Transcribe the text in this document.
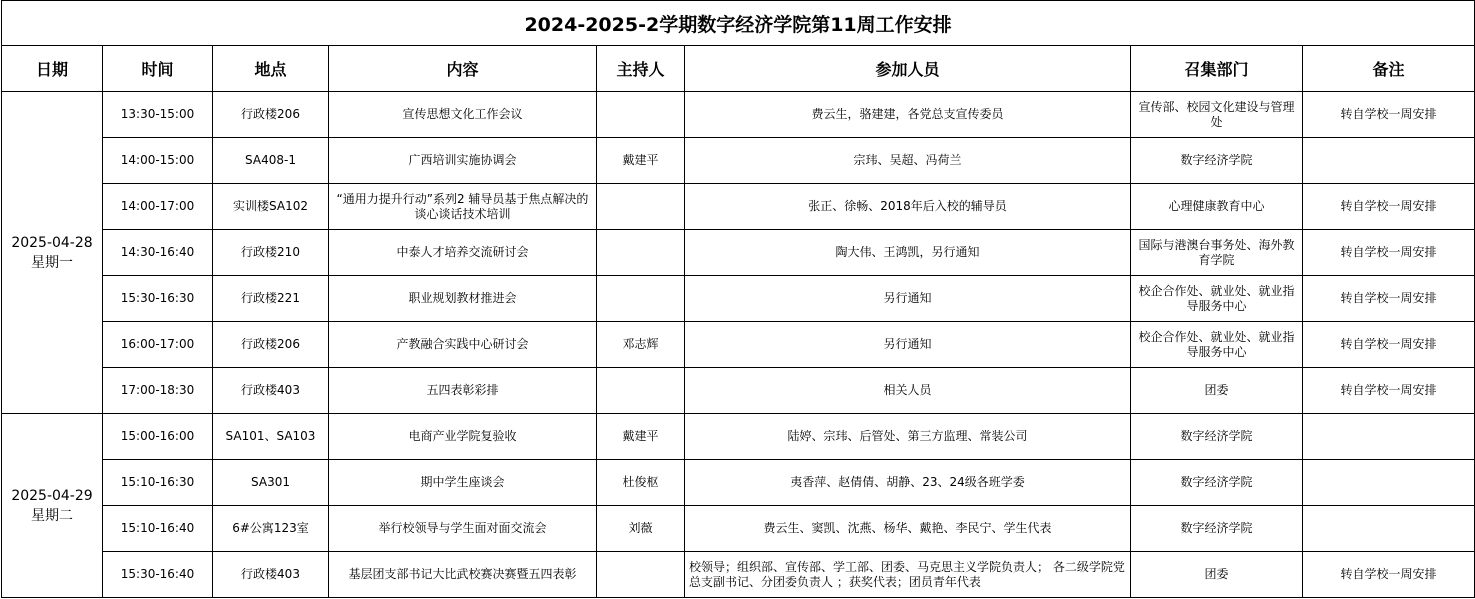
2024-2025-2学期数字经济学院第11周工作安排							
日期	时间	地点	内容	主持人	参加人员	召集部门	备注

2025-04-28
星期一	13:30-15:00	行政楼206	宣传思想文化工作会议		费云生，骆建建，各党总支宣传委员	宣传部、校园文化建设与管理处	转自学校一周安排
	14:00-15:00	SA408-1	广西培训实施协调会	戴建平	宗玮、吴超、冯荷兰	数字经济学院	
	14:00-17:00	实训楼SA102	“通用力提升行动”系列2 辅导员基于焦点解决的谈心谈话技术培训		张正、徐畅、2018年后入校的辅导员	心理健康教育中心	转自学校一周安排
	14:30-16:40	行政楼210	中泰人才培养交流研讨会		陶大伟、王鸿凯，另行通知	国际与港澳台事务处、海外教育学院	转自学校一周安排
	15:30-16:30	行政楼221	职业规划教材推进会		另行通知	校企合作处、就业处、就业指导服务中心	转自学校一周安排
	16:00-17:00	行政楼206	产教融合实践中心研讨会	邓志辉	另行通知	校企合作处、就业处、就业指导服务中心	转自学校一周安排
	17:00-18:30	行政楼403	五四表彰彩排		相关人员	团委	转自学校一周安排

2025-04-29
星期二	15:00-16:00	SA101、SA103	电商产业学院复验收	戴建平	陆婷、宗玮、后管处、第三方监理、常装公司	数字经济学院	
	15:10-16:30	SA301	期中学生座谈会	杜俊枢	夷香萍、赵倩倩、胡静、23、24级各班学委	数字经济学院	
	15:10-16:40	6#公寓123室	举行校领导与学生面对面交流会	刘薇	费云生、窦凯、沈燕、杨华、戴艳、李民宁、学生代表	数字经济学院	
	15:30-16:40	行政楼403	基层团支部书记大比武校赛决赛暨五四表彰		校领导；组织部、宣传部、学工部、团委、马克思主义学院负责人； 各二级学院党总支副书记、分团委负责人 ；获奖代表；团员青年代表	团委	转自学校一周安排
